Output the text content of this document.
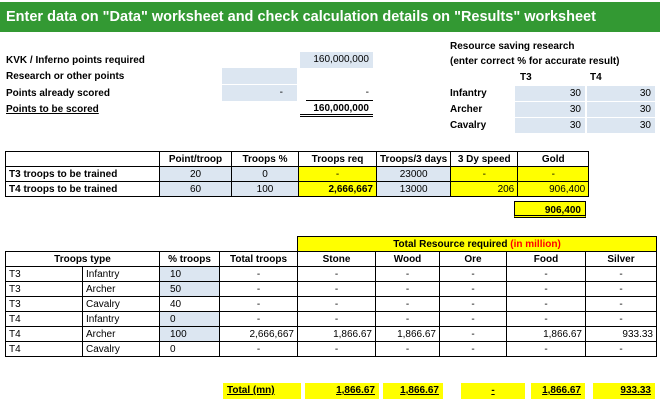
Enter data on "Data" worksheet and check calculation details on "Results" worksheet
KVK / Inferno points required	160,000,000
Research or other points
Points already scored	-	-
Points to be scored	160,000,000
Resource saving research
(enter correct % for accurate result)
T3	T4
Infantry	30	30
Archer	30	30
Cavalry	30	30
	Point/troop	Troops %	Troops req	Troops/3 days	3 Dy speed	Gold
T3 troops to be trained	20	0	-	23000	-	-
T4 troops to be trained	60	100	2,666,667	13000	206	906,400
906,400
				Total Resource required (in million)				
Troops type		% troops	Total troops	Stone	Wood	Ore	Food	Silver
T3	Infantry	10	-	-	-	-	-	-
T3	Archer	50	-	-	-	-	-	-
T3	Cavalry	40	-	-	-	-	-	-
T4	Infantry	0	-	-	-	-	-	-
T4	Archer	100	2,666,667	1,866.67	1,866.67	-	1,866.67	933.33
T4	Cavalry	0	-	-	-	-	-	-
Total (mn)	1,866.67	1,866.67	-	1,866.67	933.33
